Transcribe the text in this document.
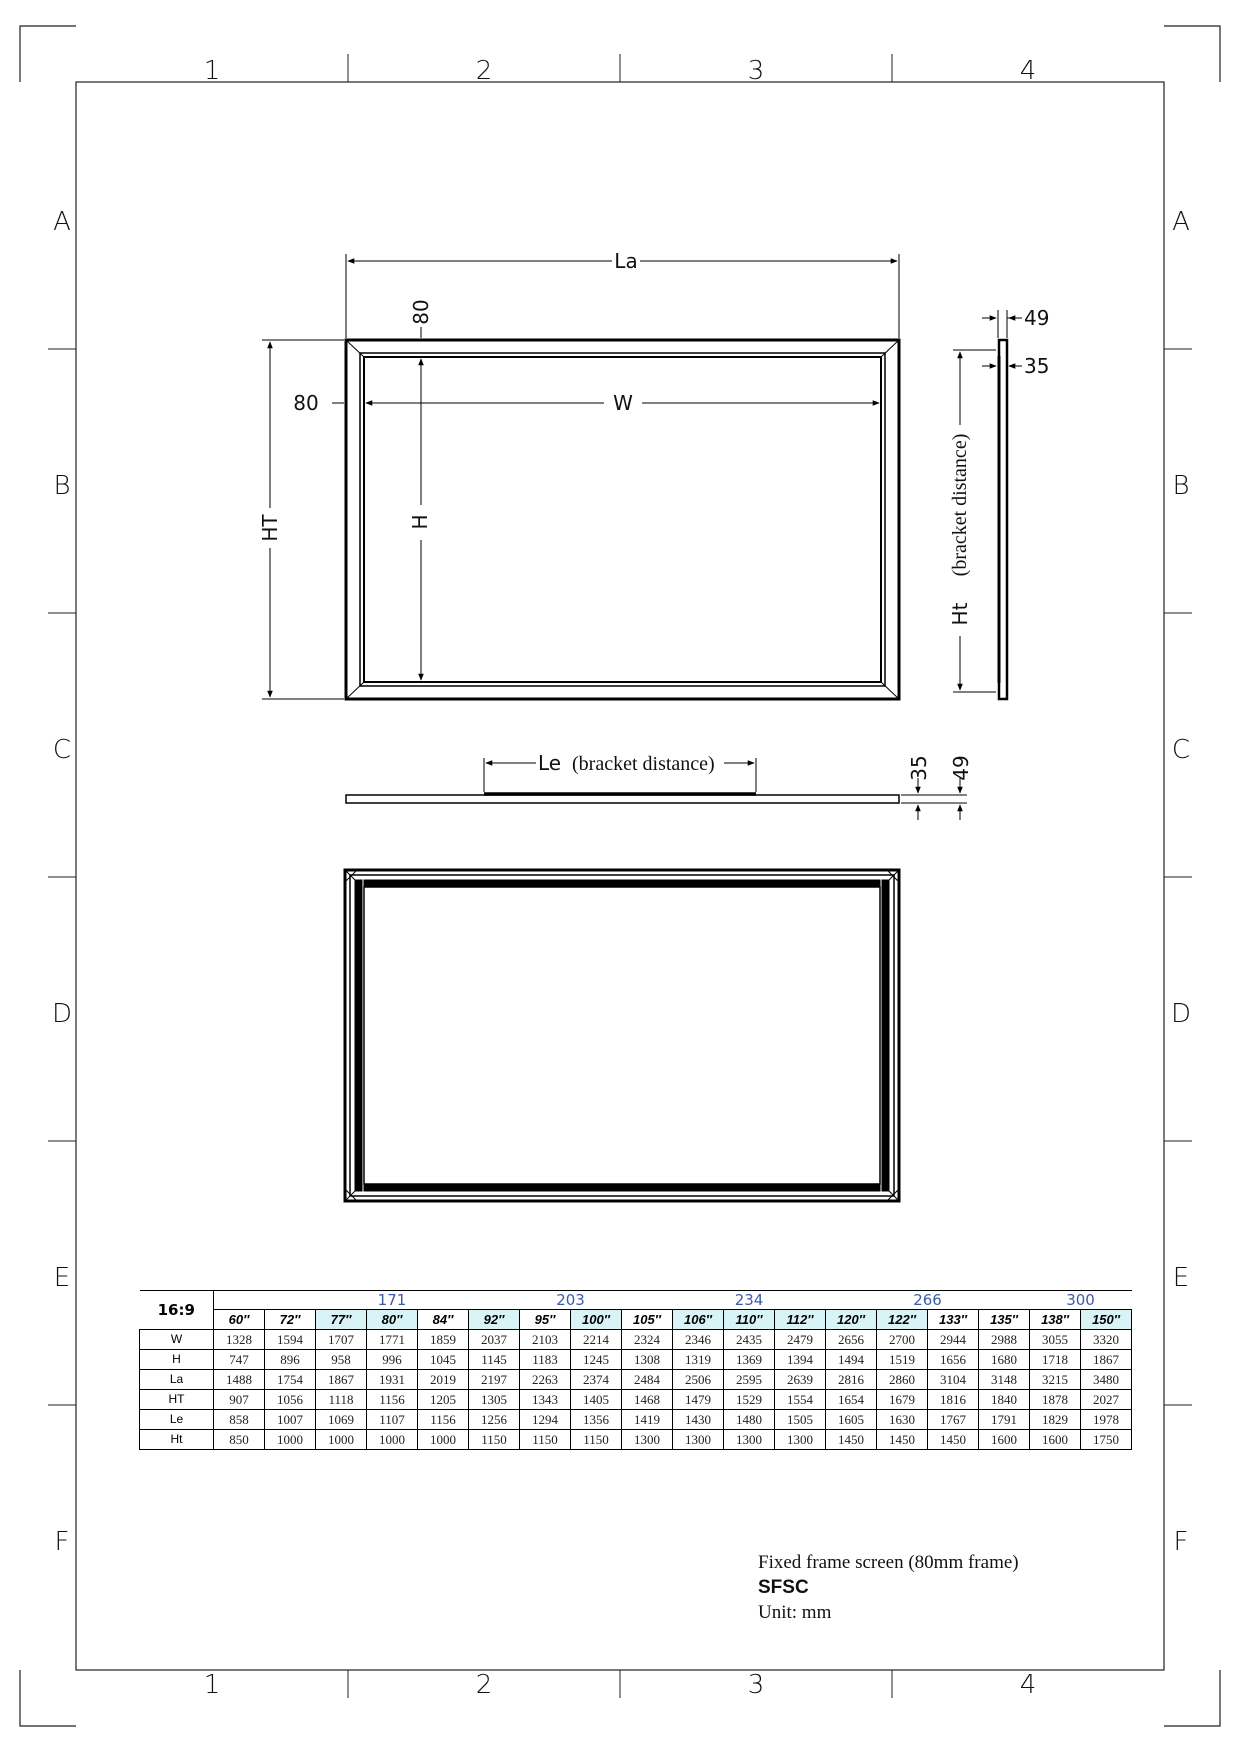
1	2	3	4
1	2	3	4
A
B
C
D
E
F
A
B
C
D
E
F
La
HT
W
80
H
80	49
35
Ht
(bracket distance)
Le (bracket distance)	35 49
16:9			171			203				234			266				300	
	60″	72″	77″	80″	84″	92″	95″	100″	105″	106″	110″	112″	120″	122″	133″	135″	138″	150″
W	1328	1594	1707	1771	1859	2037	2103	2214	2324	2346	2435	2479	2656	2700	2944	2988	3055	3320
H	747	896	958	996	1045	1145	1183	1245	1308	1319	1369	1394	1494	1519	1656	1680	1718	1867
La	1488	1754	1867	1931	2019	2197	2263	2374	2484	2506	2595	2639	2816	2860	3104	3148	3215	3480
HT	907	1056	1118	1156	1205	1305	1343	1405	1468	1479	1529	1554	1654	1679	1816	1840	1878	2027
Le	858	1007	1069	1107	1156	1256	1294	1356	1419	1430	1480	1505	1605	1630	1767	1791	1829	1978
Ht	850	1000	1000	1000	1000	1150	1150	1150	1300	1300	1300	1300	1450	1450	1450	1600	1600	1750
Fixed frame screen (80mm frame)
SFSC
Unit: mm
